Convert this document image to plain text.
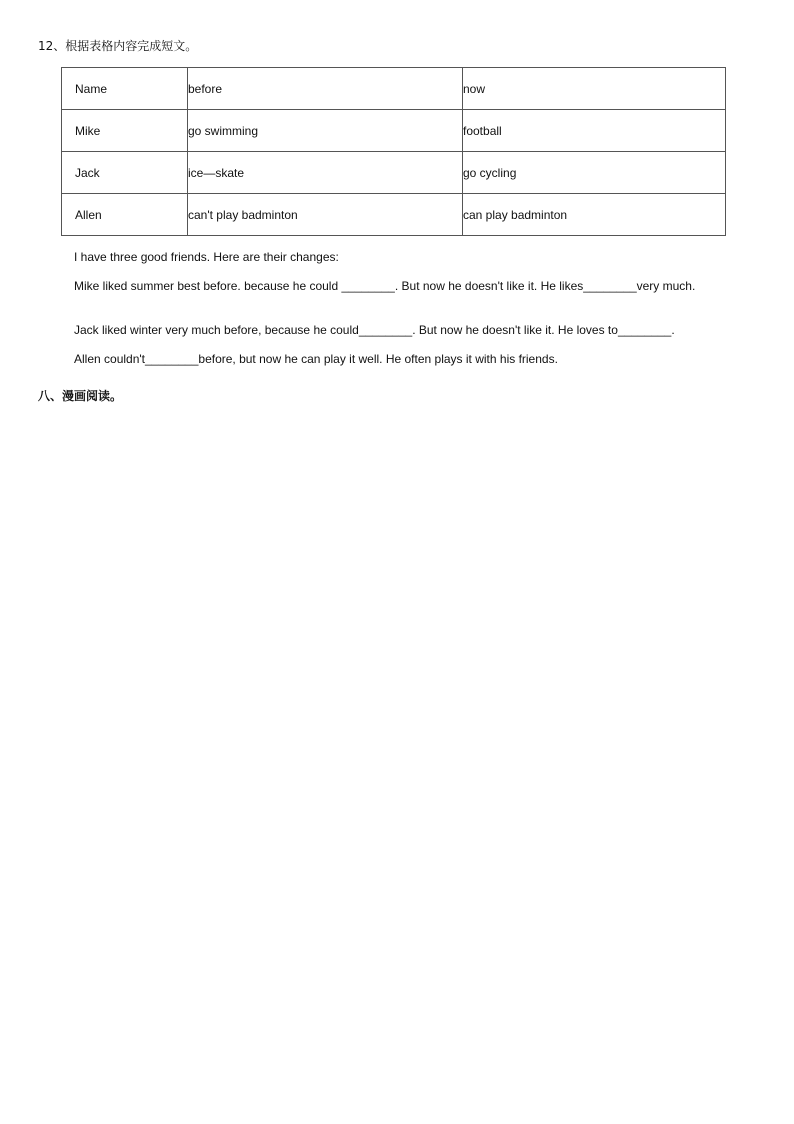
12、根据表格内容完成短文。
Name	before	now
Mike	go swimming	football
Jack	ice—skate	go cycling
Allen	can't play badminton	can play badminton
I have three good friends. Here are their changes:
Mike liked summer best before. because he could ________. But now he doesn't like it. He likes________very much.
Jack liked winter very much before, because he could________. But now he doesn't like it. He loves to________.
Allen couldn't________before, but now he can play it well. He often plays it with his friends.
八、漫画阅读。
